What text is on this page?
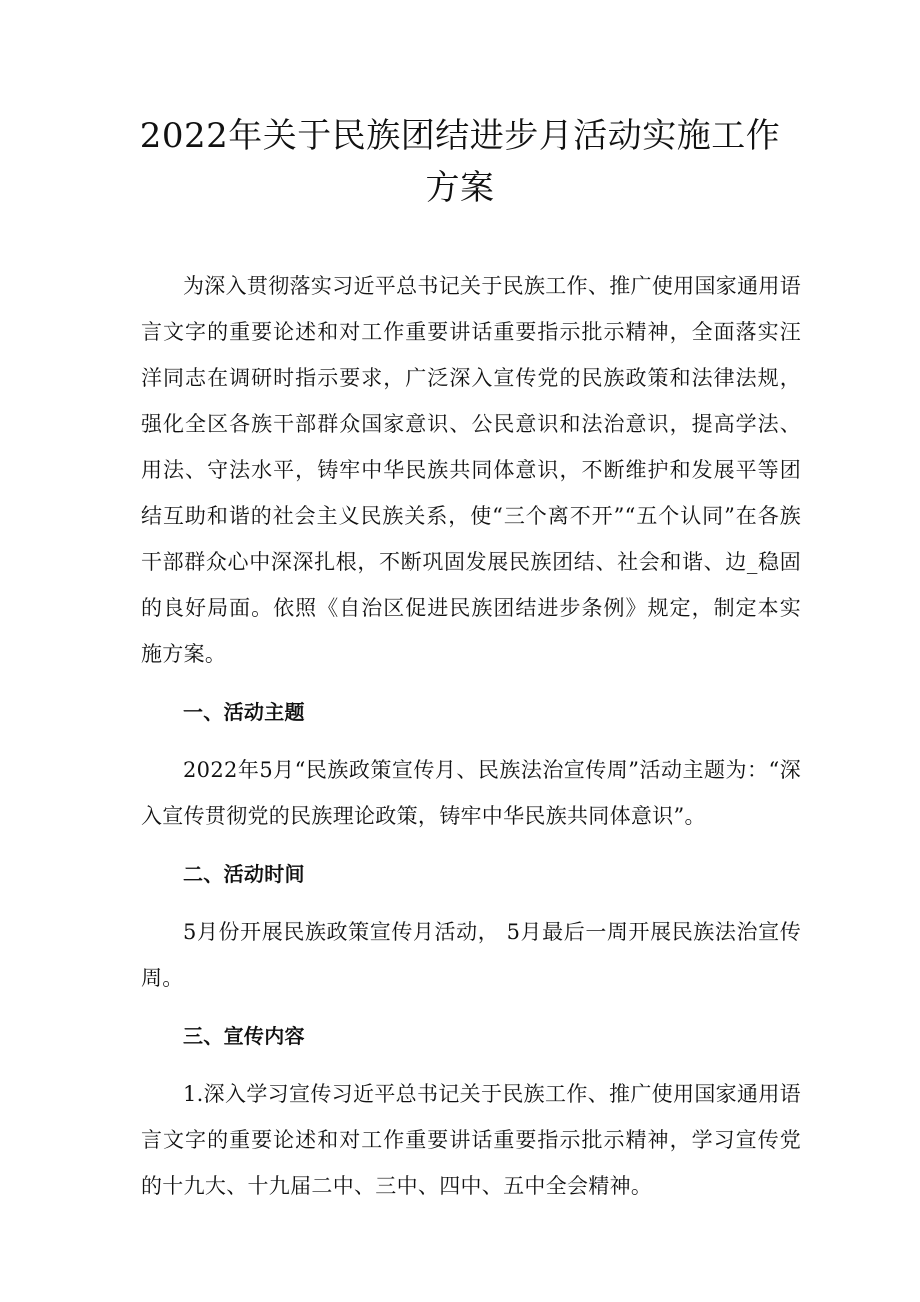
2022年关于民族团结进步月活动实施工作
方案

为深入贯彻落实习近平总书记关于民族工作、推广使用国家通用语言文字的重要论述和对工作重要讲话重要指示批示精神，全面落实汪洋同志在调研时指示要求，广泛深入宣传党的民族政策和法律法规，强化全区各族干部群众国家意识、公民意识和法治意识，提高学法、用法、守法水平，铸牢中华民族共同体意识，不断维护和发展平等团结互助和谐的社会主义民族关系，使“三个离不开”“五个认同”在各族干部群众心中深深扎根，不断巩固发展民族团结、社会和谐、边_稳固的良好局面。依照《自治区促进民族团结进步条例》规定，制定本实施方案。

一、活动主题

2022年5月“民族政策宣传月、民族法治宣传周”活动主题为：“深入宣传贯彻党的民族理论政策，铸牢中华民族共同体意识”。

二、活动时间

5月份开展民族政策宣传月活动， 5月最后一周开展民族法治宣传周。

三、宣传内容

1.深入学习宣传习近平总书记关于民族工作、推广使用国家通用语言文字的重要论述和对工作重要讲话重要指示批示精神，学习宣传党的十九大、十九届二中、三中、四中、五中全会精神。
